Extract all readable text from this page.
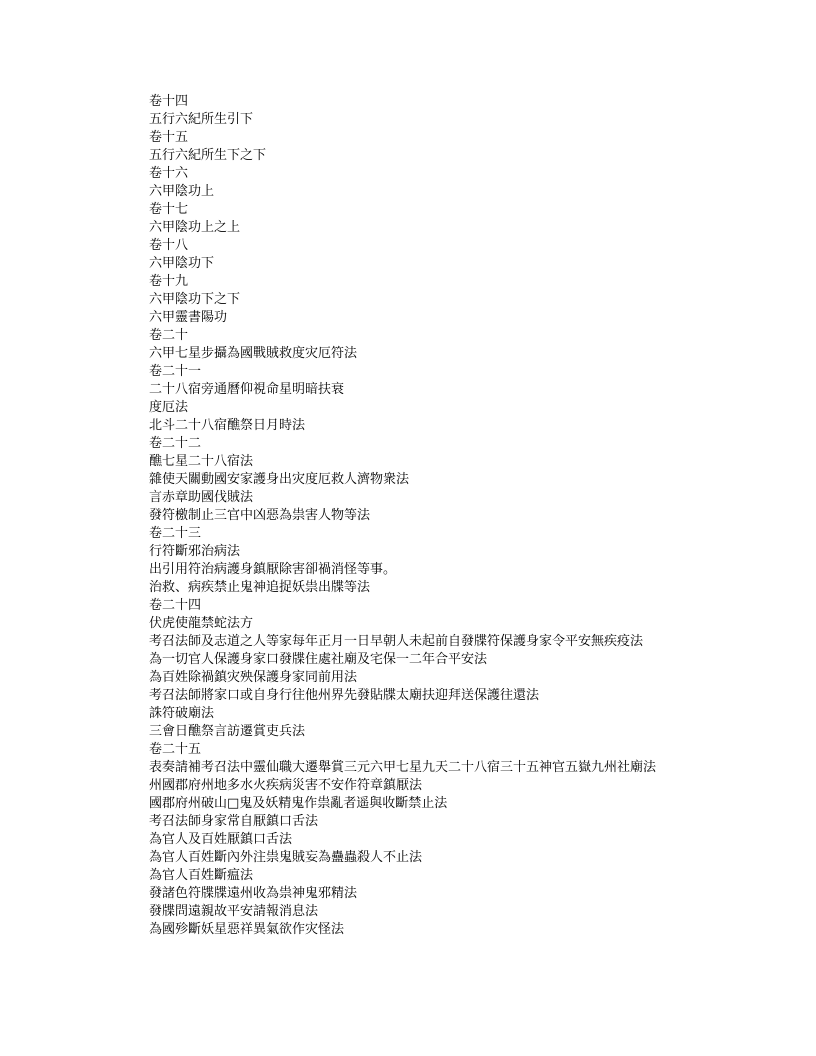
卷十四

五行六紀所生引下

卷十五

五行六紀所生下之下

卷十六

六甲陰功上

卷十七

六甲陰功上之上

卷十八

六甲陰功下

卷十九

六甲陰功下之下

六甲靈書陽功

卷二十

六甲七星步攝為國戰賊救度灾厄符法

卷二十一

二十八宿旁通曆仰視命星明暗扶衰

度厄法

北斗二十八宿醮祭日月時法

卷二十二

醮七星二十八宿法

雜使天關動國安家護身出灾度厄救人濟物衆法

言赤章助國伐賊法

發符檄制止三官中凶惡為祟害人物等法

卷二十三

行符斷邪治病法

出引用符治病護身鎮厭除害卻禍消怪等事。

治救、病疾禁止鬼神追捉妖祟出牒等法

卷二十四

伏虎使龍禁蛇法方

考召法師及志道之人等家每年正月一日早朝人未起前自發牒符保護身家令平安無疾疫法

為一切官人保護身家口發牒住處社廟及宅保一二年合平安法

為百姓除禍鎮灾殃保護身家同前用法

考召法師將家口或自身行往他州界先發貼牒太廟扶迎拜送保護往還法

誅符破廟法

三會日醮祭言訪遷賞吏兵法

卷二十五

表奏請補考召法中靈仙職大遷舉賞三元六甲七星九天二十八宿三十五神官五嶽九州社廟法

州國郡府州地多水火疾病災害不安作符章鎮厭法

國郡府州破山□鬼及妖精鬼作祟亂者遥與收斷禁止法

考召法師身家常自厭鎮口舌法

為官人及百姓厭鎮口舌法

為官人百姓斷內外注祟鬼賊妄為蠱蟲殺人不止法

為官人百姓斷瘟法

發諸色符牒牒遠州收為祟神鬼邪精法

發牒問遠親故平安請報消息法

為國殄斷妖星惡祥異氣欲作灾怪法
